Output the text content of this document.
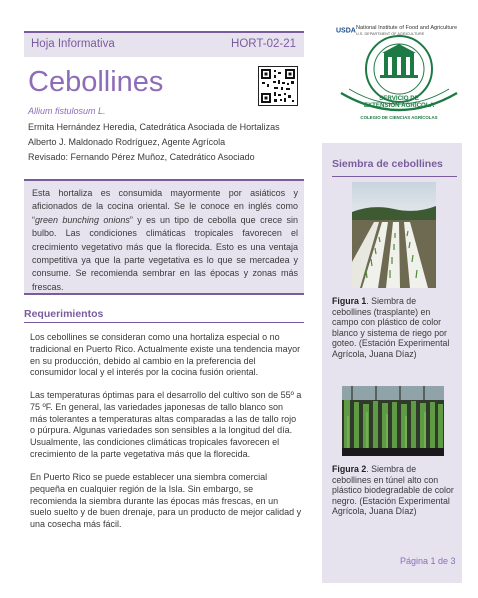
Hoja Informativa	HORT-02-21
Cebollines
Allium fistulosum L.
Ermita Hernández Heredia, Catedrática Asociada de Hortalizas
Alberto J. Maldonado Rodríguez, Agente Agrícola
Revisado: Fernando Pérez Muñoz, Catedrático Asociado
USDA National Institute of Food and Agriculture
U.S. DEPARTMENT OF AGRICULTURE
SERVICIO DE
EXTENSIÓN AGRÍCOLA
COLEGIO DE CIENCIAS AGRÍCOLAS
Esta hortaliza es consumida mayormente por asiáticos y aficionados de la cocina oriental. Se le conoce en inglés como “green bunching onions” y es un tipo de cebolla que crece sin bulbo. Las condiciones climáticas tropicales favorecen el crecimiento vegetativo más que la florecida. Esto es una ventaja competitiva ya que la parte vegetativa es lo que se mercadea y consume. Se recomienda sembrar en las épocas y zonas más frescas.
Requerimientos

Los cebollines se consideran como una hortaliza especial o no tradicional en Puerto Rico. Actualmente existe una tendencia mayor en su producción, debido al cambio en la preferencia del consumidor local y el interés por la cocina fusión oriental.

Las temperaturas óptimas para el desarrollo del cultivo son de 55º a 75 ºF. En general, las variedades japonesas de tallo blanco son más tolerantes a temperaturas altas comparadas a las de tallo rojo o púrpura. Algunas variedades son sensibles a la longitud del día. Usualmente, las condiciones climáticas tropicales favorecen el crecimiento de la parte vegetativa más que la florecida.

En Puerto Rico se puede establecer una siembra comercial pequeña en cualquier región de la Isla. Sin embargo, se recomienda la siembra durante las épocas más frescas, en un suelo suelto y de buen drenaje, para un producto de mejor calidad y una cosecha más fácil.

Siembra de cebollines

Figura 1. Siembra de cebollines (trasplante) en campo con plástico de color blanco y sistema de riego por goteo. (Estación Experimental Agrícola, Juana Díaz)

Figura 2. Siembra de cebollines en túnel alto con plástico biodegradable de color negro. (Estación Experimental Agrícola, Juana Díaz)

Página 1 de 3
